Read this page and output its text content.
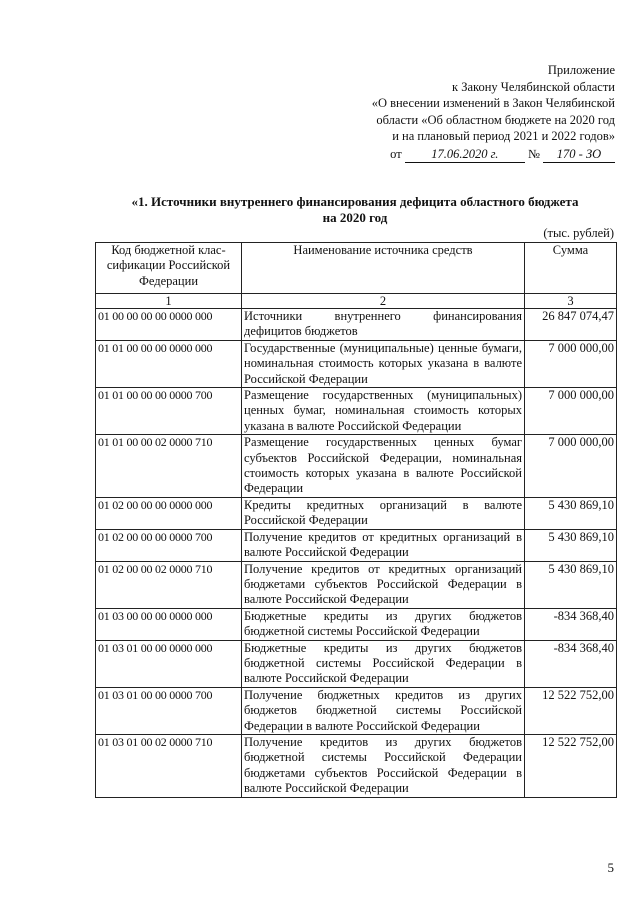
Приложение
к Закону Челябинской области
«О внесении изменений в Закон Челябинской
области «Об областном бюджете на 2020 год
и на плановый период 2021 и 2022 годов»
от 17.06.2020 г. № 170 - ЗО
«1. Источники внутреннего финансирования дефицита областного бюджета
на 2020 год
(тыс. рублей)
Код бюджетной клас-сификации Российской Федерации	Наименование источника средств	Сумма
1	2	3
01 00 00 00 00 0000 000	Источники внутреннего финансирования дефицитов бюджетов	26 847 074,47
01 01 00 00 00 0000 000	Государственные (муниципальные) ценные бумаги, номинальная стоимость которых указана в валюте Российской Федерации	7 000 000,00
01 01 00 00 00 0000 700	Размещение государственных (муниципальных) ценных бумаг, номинальная стоимость которых указана в валюте Российской Федерации	7 000 000,00
01 01 00 00 02 0000 710	Размещение государственных ценных бумаг субъектов Российской Федерации, номинальная стоимость которых указана в валюте Российской Федерации	7 000 000,00
01 02 00 00 00 0000 000	Кредиты кредитных организаций в валюте Российской Федерации	5 430 869,10
01 02 00 00 00 0000 700	Получение кредитов от кредитных организаций в валюте Российской Федерации	5 430 869,10
01 02 00 00 02 0000 710	Получение кредитов от кредитных организаций бюджетами субъектов Российской Федерации в валюте Российской Федерации	5 430 869,10
01 03 00 00 00 0000 000	Бюджетные кредиты из других бюджетов бюджетной системы Российской Федерации	-834 368,40
01 03 01 00 00 0000 000	Бюджетные кредиты из других бюджетов бюджетной системы Российской Федерации в валюте Российской Федерации	-834 368,40
01 03 01 00 00 0000 700	Получение бюджетных кредитов из других бюджетов бюджетной системы Российской Федерации в валюте Российской Федерации	12 522 752,00
01 03 01 00 02 0000 710	Получение кредитов из других бюджетов бюджетной системы Российской Федерации бюджетами субъектов Российской Федерации в валюте Российской Федерации	12 522 752,00
5
